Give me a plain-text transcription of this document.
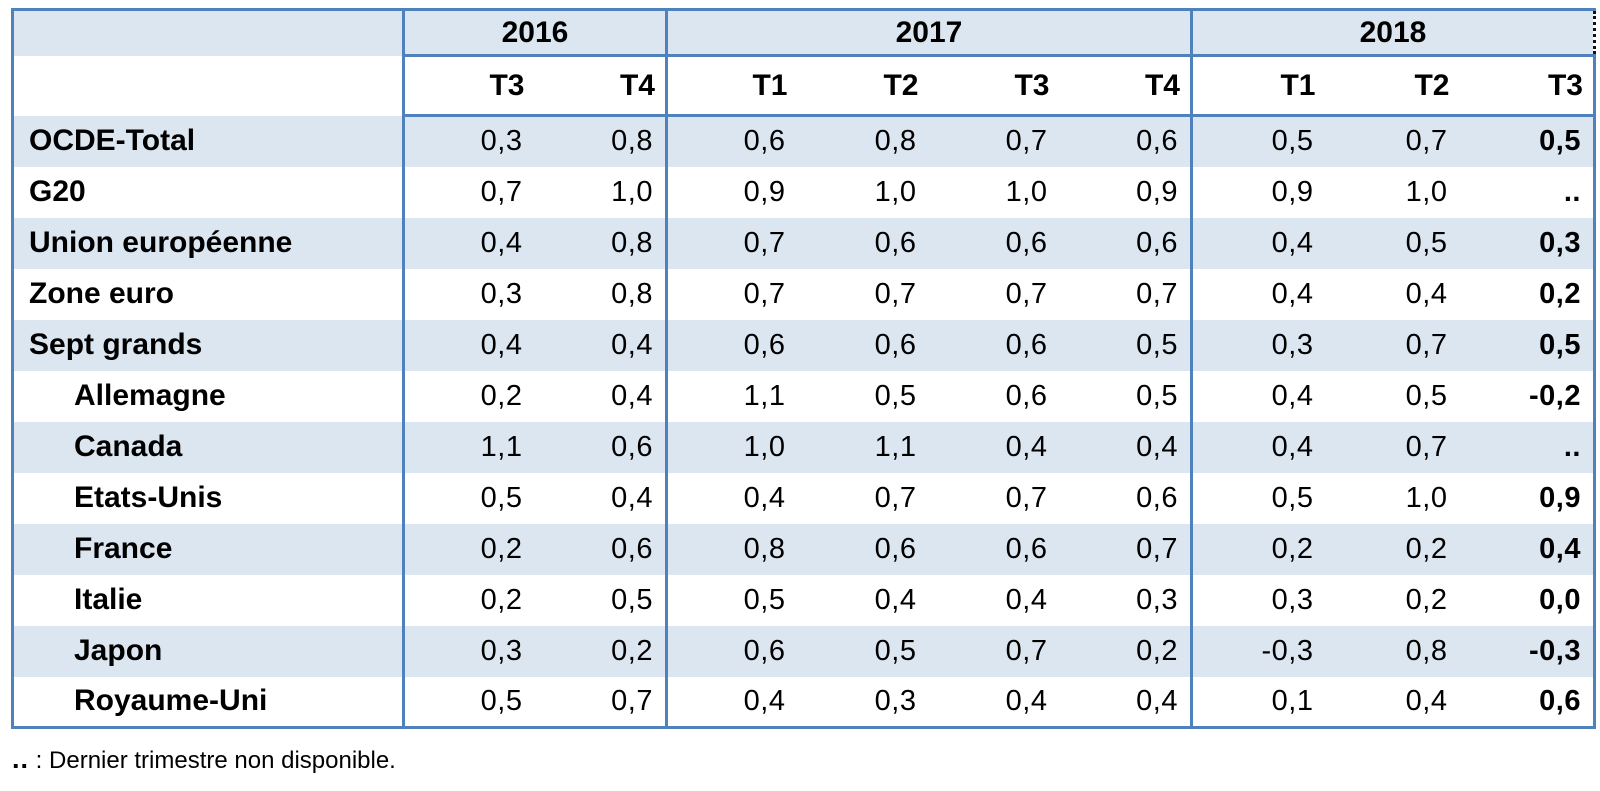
	2016		2017				2018		
	T3	T4	T1	T2	T3	T4	T1	T2	T3
OCDE-Total	0,3	0,8	0,6	0,8	0,7	0,6	0,5	0,7	0,5
G20	0,7	1,0	0,9	1,0	1,0	0,9	0,9	1,0	..
Union européenne	0,4	0,8	0,7	0,6	0,6	0,6	0,4	0,5	0,3
Zone euro	0,3	0,8	0,7	0,7	0,7	0,7	0,4	0,4	0,2
Sept grands	0,4	0,4	0,6	0,6	0,6	0,5	0,3	0,7	0,5
Allemagne	0,2	0,4	1,1	0,5	0,6	0,5	0,4	0,5	-0,2
Canada	1,1	0,6	1,0	1,1	0,4	0,4	0,4	0,7	..
Etats-Unis	0,5	0,4	0,4	0,7	0,7	0,6	0,5	1,0	0,9
France	0,2	0,6	0,8	0,6	0,6	0,7	0,2	0,2	0,4
Italie	0,2	0,5	0,5	0,4	0,4	0,3	0,3	0,2	0,0
Japon	0,3	0,2	0,6	0,5	0,7	0,2	-0,3	0,8	-0,3
Royaume-Uni	0,5	0,7	0,4	0,3	0,4	0,4	0,1	0,4	0,6

.. : Dernier trimestre non disponible.
